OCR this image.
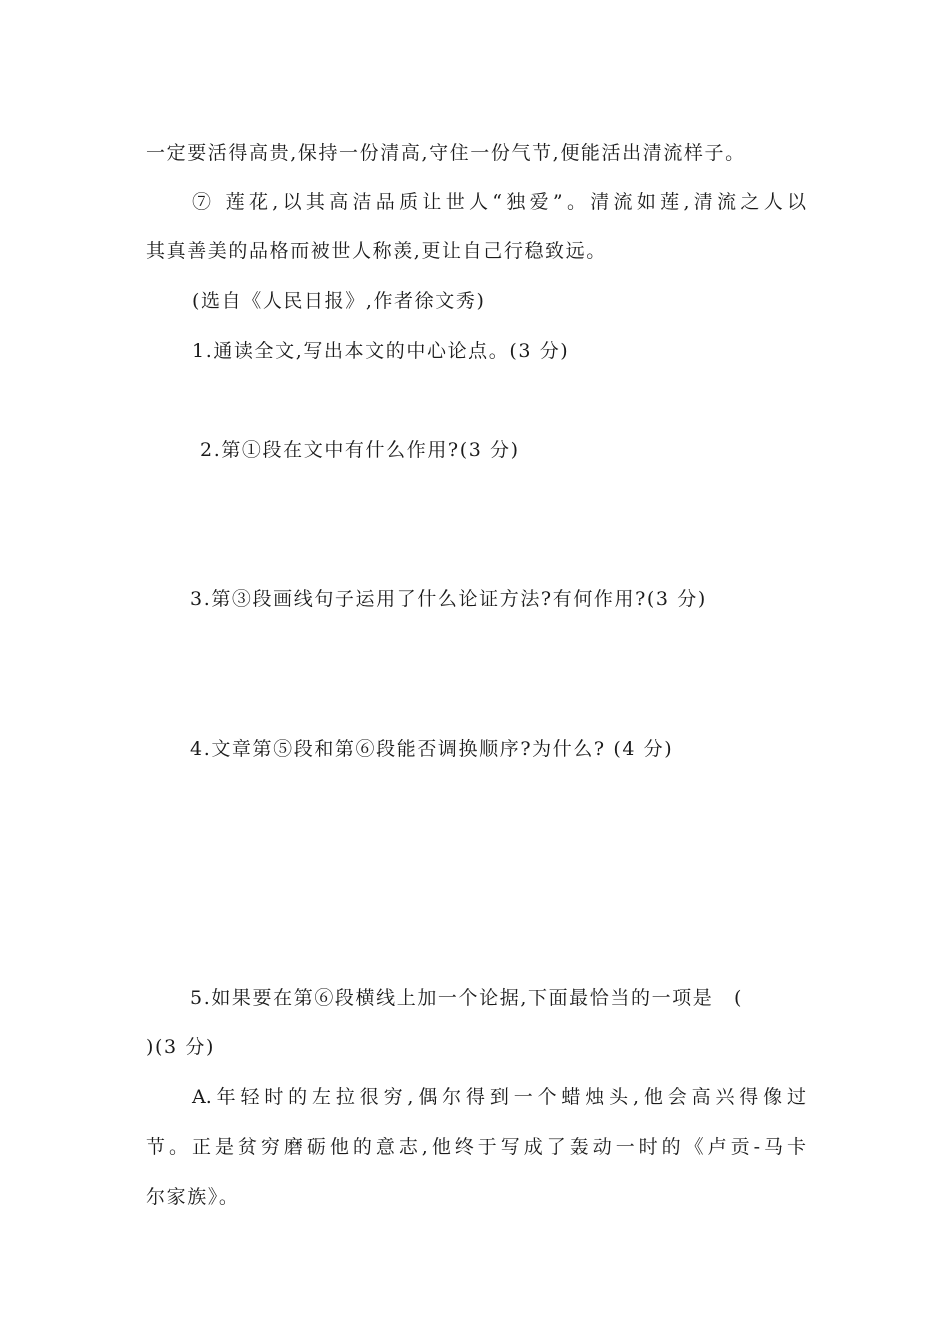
一定要活得高贵,保持一份清高,守住一份气节,便能活出清流样子。
⑦ 莲花,以其高洁品质让世人“独爱”。清流如莲,清流之人以
其真善美的品格而被世人称羡,更让自己行稳致远。
(选自《人民日报》,作者徐文秀)
1.通读全文,写出本文的中心论点。(3 分)
2.第①段在文中有什么作用?(3 分)
3.第③段画线句子运用了什么论证方法?有何作用?(3 分)
4.文章第⑤段和第⑥段能否调换顺序?为什么? (4 分)
5.如果要在第⑥段横线上加一个论据,下面最恰当的一项是　(
)(3 分)
A.年轻时的左拉很穷,偶尔得到一个蜡烛头,他会高兴得像过
节。正是贫穷磨砺他的意志,他终于写成了轰动一时的《卢贡-马卡
尔家族》。
